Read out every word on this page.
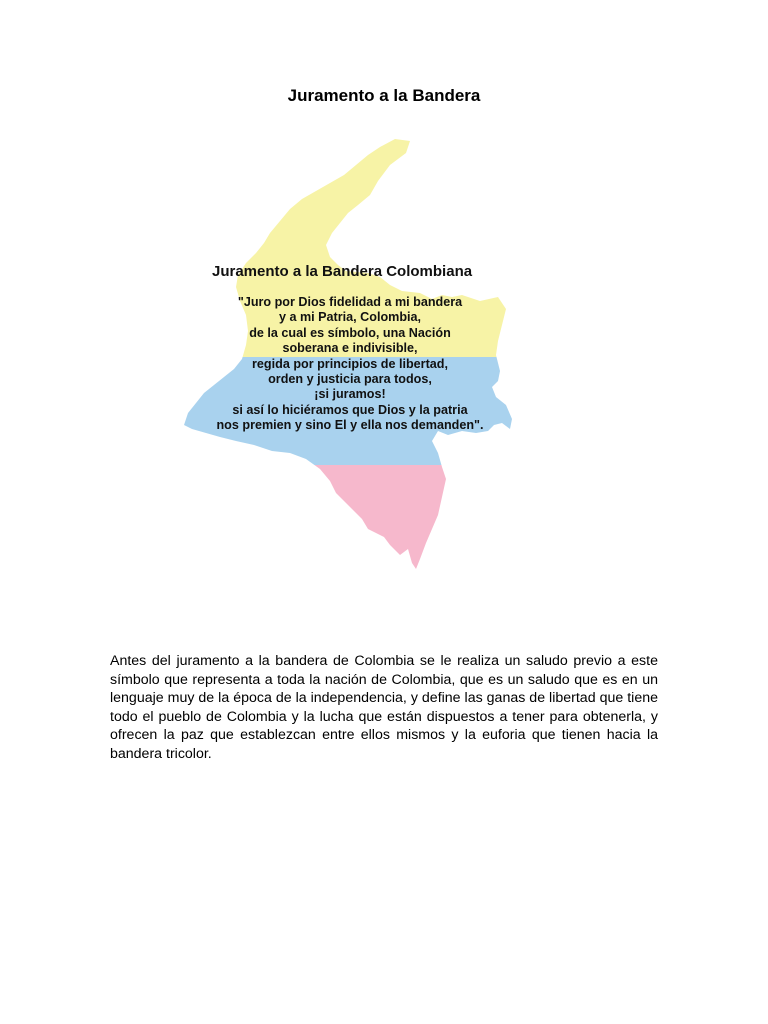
Juramento a la Bandera
Juramento a la Bandera Colombiana
"Juro por Dios fidelidad a mi bandera
y a mi Patria, Colombia,
de la cual es símbolo, una Nación
soberana e indivisible,
regida por principios de libertad,
orden y justicia para todos,
¡si juramos!
si así lo hiciéramos que Dios y la patria
nos premien y sino El y ella nos demanden".
Antes del juramento a la bandera de Colombia se le realiza un saludo previo a este símbolo que representa a toda la nación de Colombia, que es un saludo que es en un lenguaje muy de la época de la independencia, y define las ganas de libertad que tiene todo el pueblo de Colombia y la lucha que están dispuestos a tener para obtenerla, y ofrecen la paz que establezcan entre ellos mismos y la euforia que tienen hacia la bandera tricolor.
